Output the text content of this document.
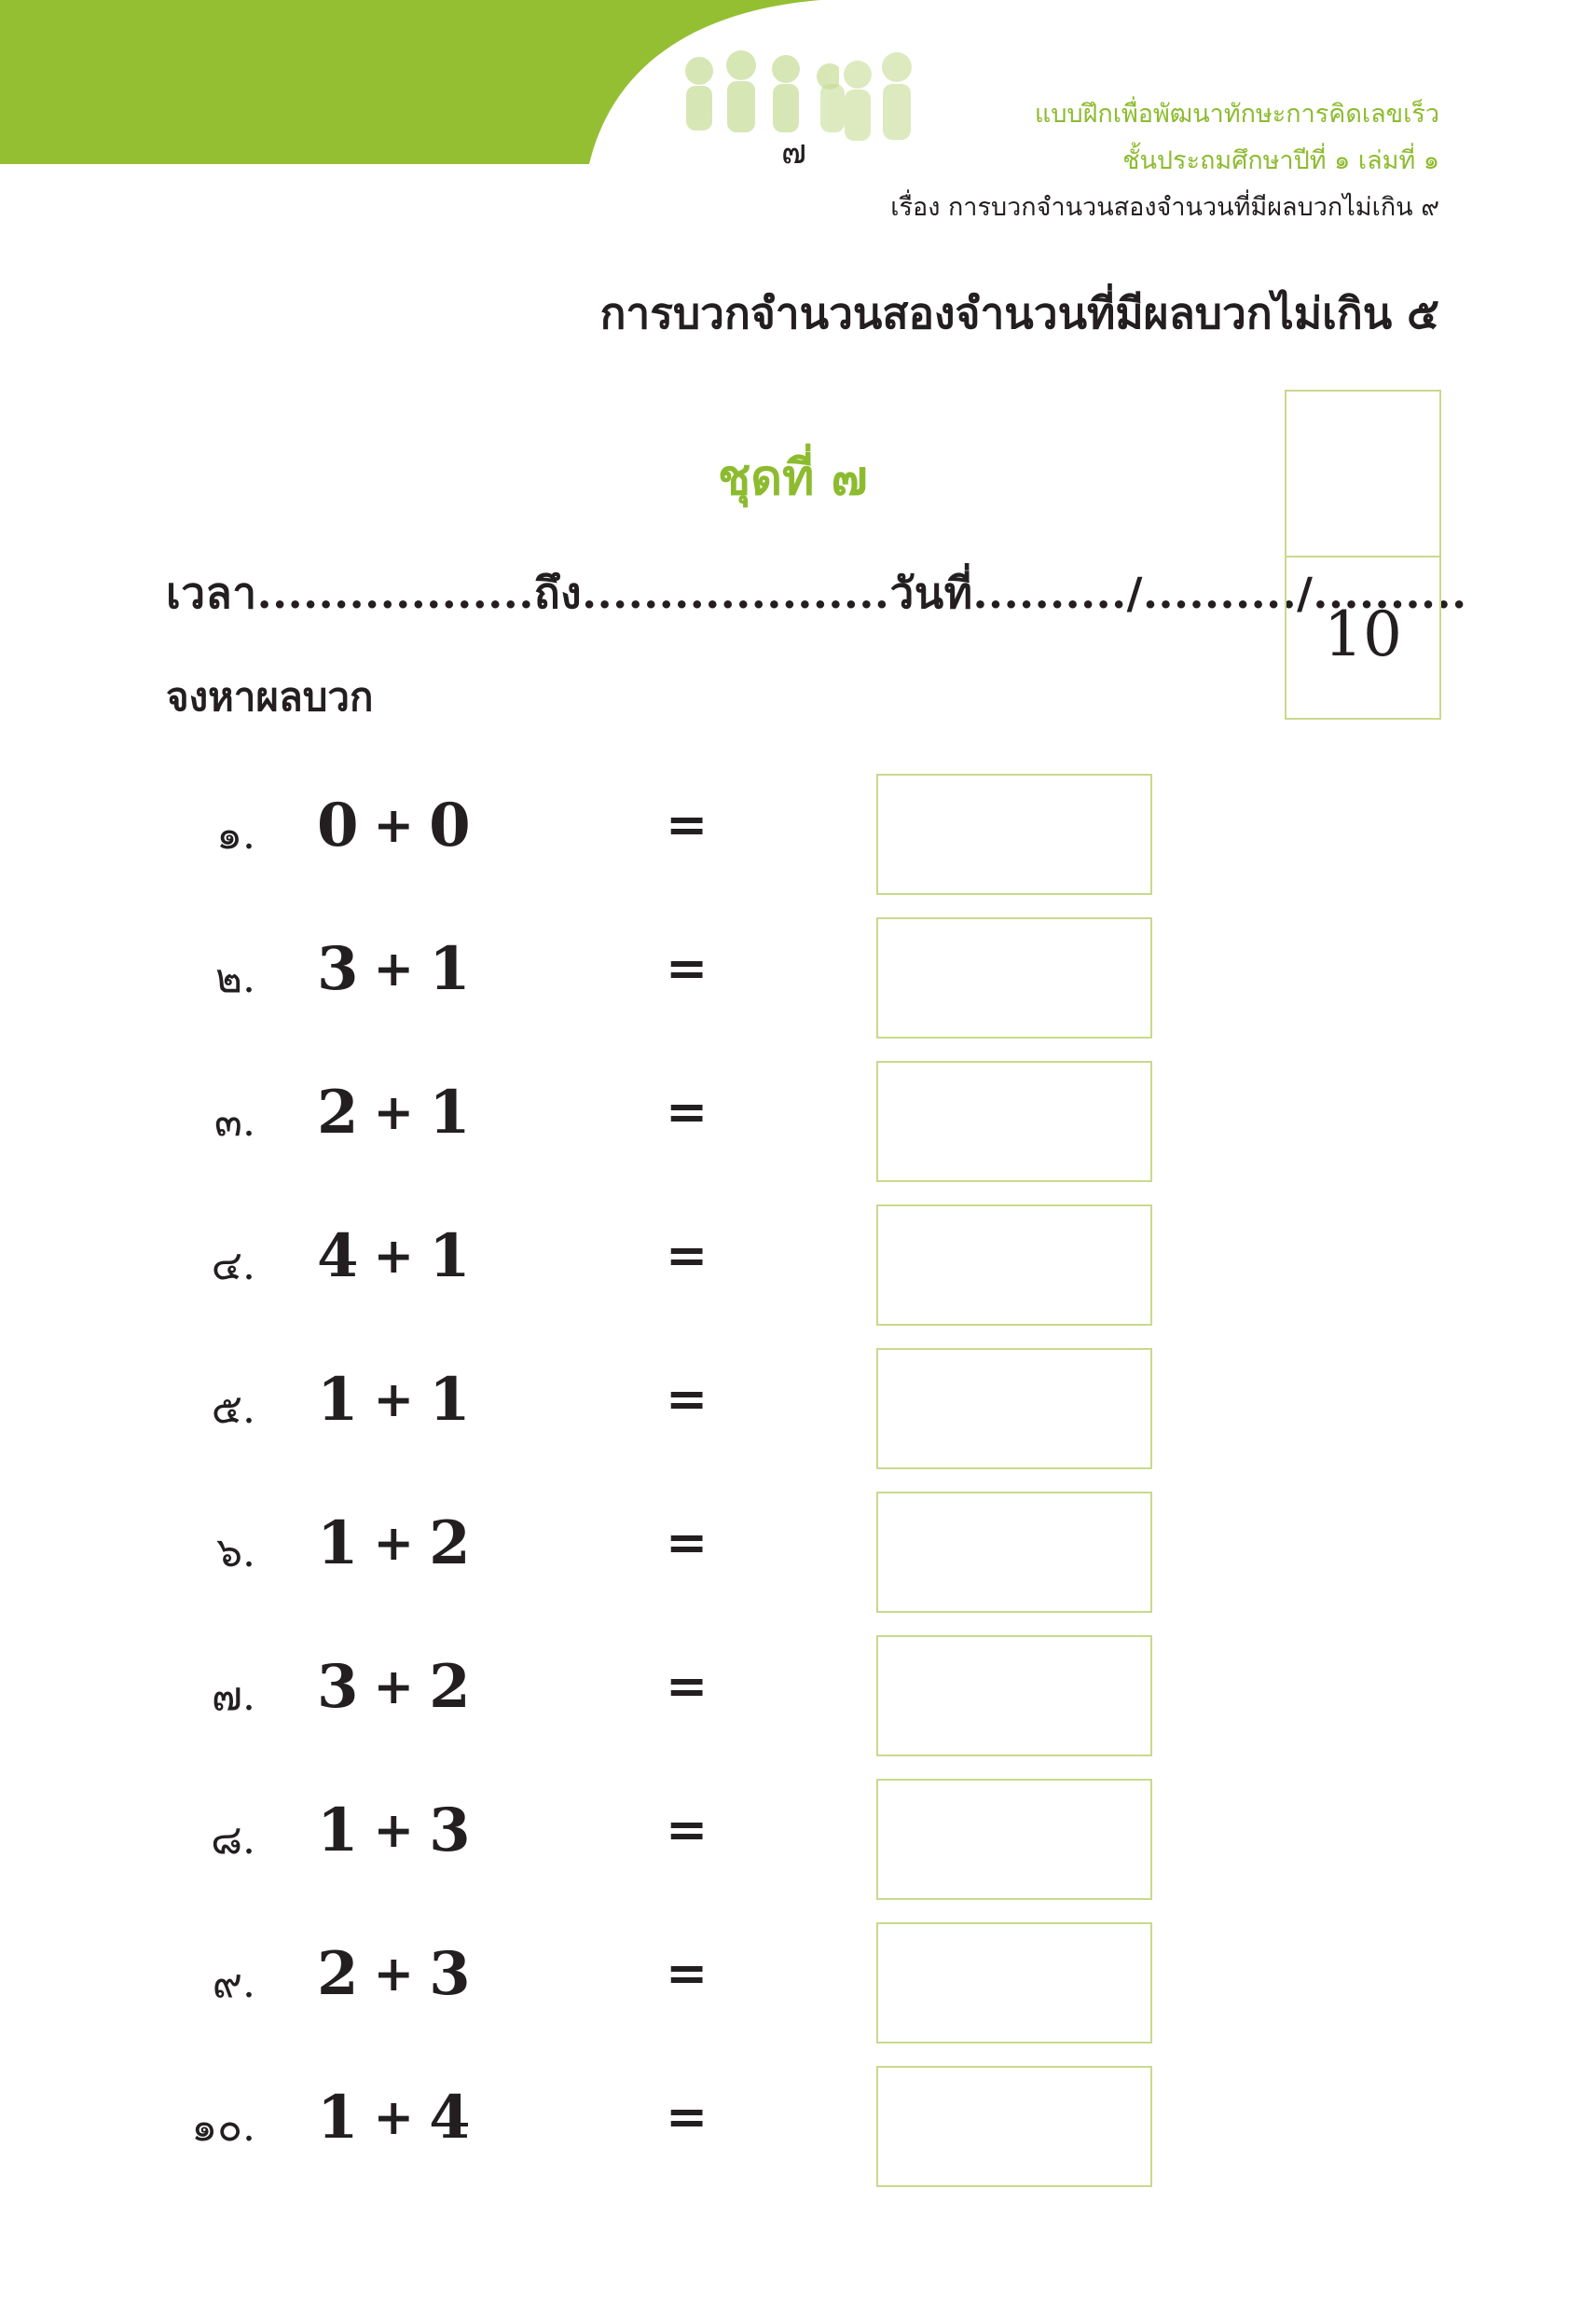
แบบฝึกเพื่อพัฒนาทักษะการคิดเลขเร็ว
ชั้นประถมศึกษาปีที่ ๑ เล่มที่ ๑
เรื่อง การบวกจำนวนสองจำนวนที่มีผลบวกไม่เกิน ๙
๗
การบวกจำนวนสองจำนวนที่มีผลบวกไม่เกิน ๕
ชุดที่ ๗
เวลา..................ถึง....................วันที่........../........../..........
จงหาผลบวก
10
๑. 0 + 0	=
๒. 3 + 1	=
๓. 2 + 1	=
๔. 4 + 1	=
๕. 1 + 1	=
๖. 1 + 2	=
๗. 3 + 2	=
๘. 1 + 3	=
๙. 2 + 3	=
๑๐. 1 + 4	=
